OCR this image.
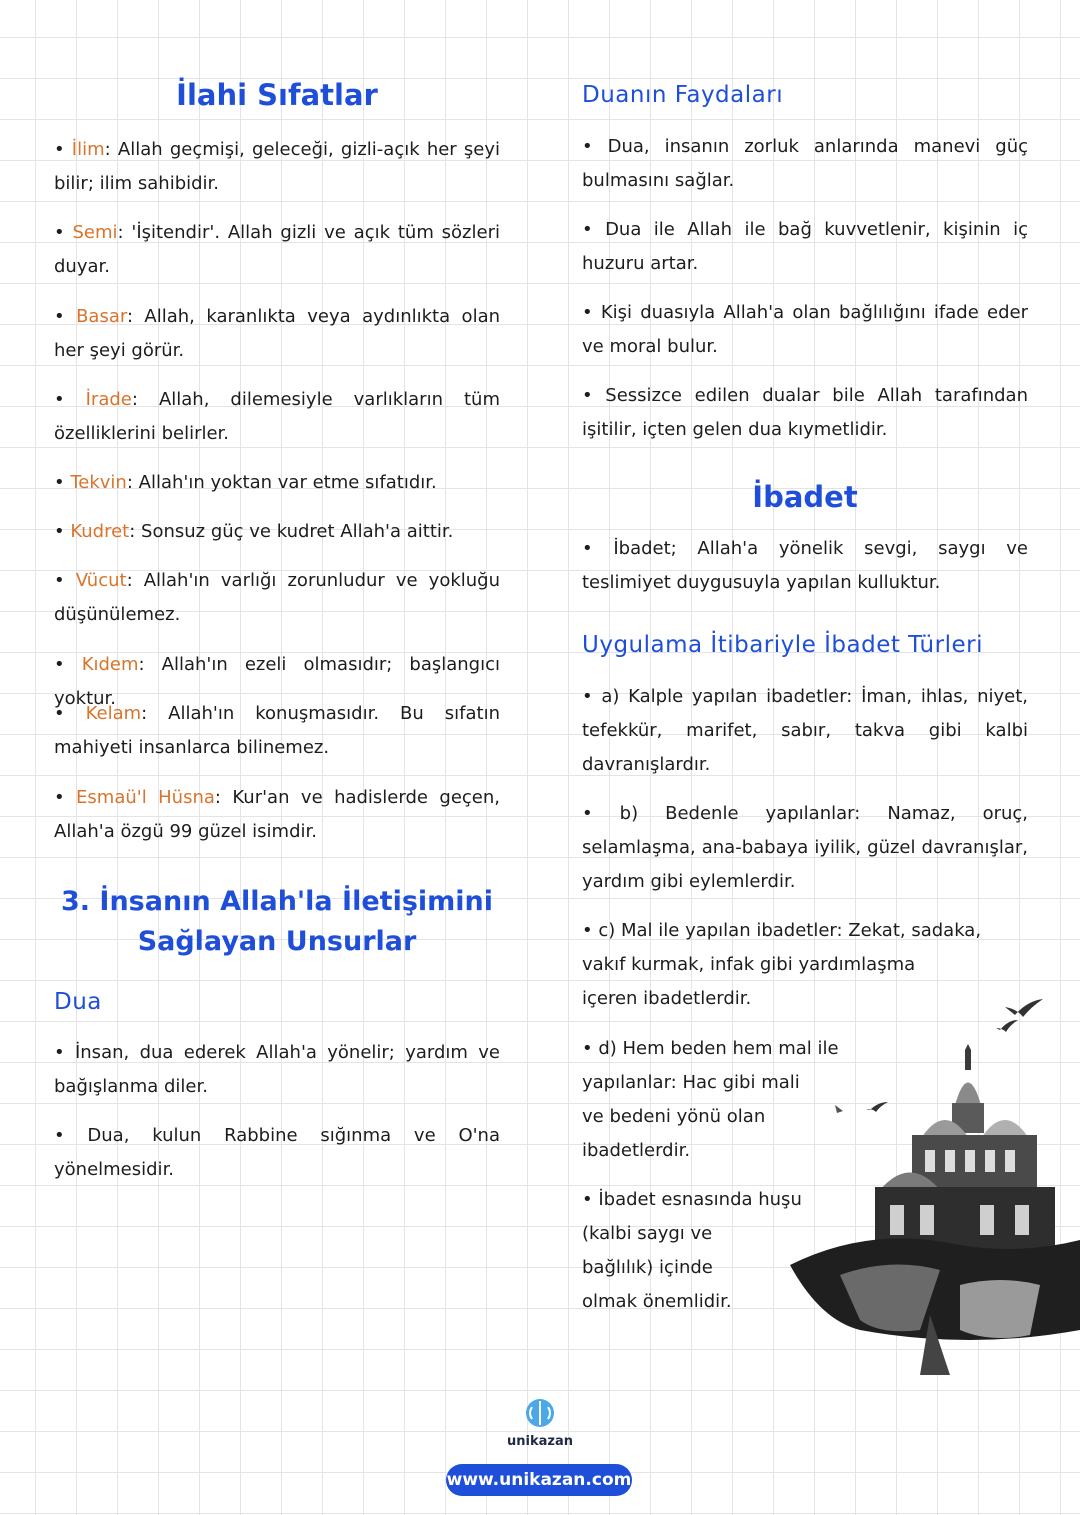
İlahi Sıfatlar

• İlim: Allah geçmişi, geleceği, gizli-açık her şeyi bilir; ilim sahibidir.

• Semi: 'İşitendir'. Allah gizli ve açık tüm sözleri duyar.

• Basar: Allah, karanlıkta veya aydınlıkta olan her şeyi görür.

• İrade: Allah, dilemesiyle varlıkların tüm özelliklerini belirler.

• Tekvin: Allah'ın yoktan var etme sıfatıdır.

• Kudret: Sonsuz güç ve kudret Allah'a aittir.

• Vücut: Allah'ın varlığı zorunludur ve yokluğu düşünülemez.

• Kıdem: Allah'ın ezeli olmasıdır; başlangıcı yoktur.

• Kelam: Allah'ın konuşmasıdır. Bu sıfatın mahiyeti insanlarca bilinemez.

• Esmaü'l Hüsna: Kur'an ve hadislerde geçen, Allah'a özgü 99 güzel isimdir.

3. İnsanın Allah'la İletişimini
Sağlayan Unsurlar
Dua

• İnsan, dua ederek Allah'a yönelir; yardım ve bağışlanma diler.

• Dua, kulun Rabbine sığınma ve O'na yönelmesidir.

Duanın Faydaları

• Dua, insanın zorluk anlarında manevi güç bulmasını sağlar.

• Dua ile Allah ile bağ kuvvetlenir, kişinin iç huzuru artar.

• Kişi duasıyla Allah'a olan bağlılığını ifade eder ve moral bulur.

• Sessizce edilen dualar bile Allah tarafından işitilir, içten gelen dua kıymetlidir.

İbadet

• İbadet; Allah'a yönelik sevgi, saygı ve teslimiyet duygusuyla yapılan kulluktur.

Uygulama İtibariyle İbadet Türleri

• a) Kalple yapılan ibadetler: İman, ihlas, niyet, tefekkür, marifet, sabır, takva gibi kalbi davranışlardır.

• b) Bedenle yapılanlar: Namaz, oruç, selamlaşma, ana-babaya iyilik, güzel davranışlar, yardım gibi eylemlerdir.

• c) Mal ile yapılan ibadetler: Zekat, sadaka,
vakıf kurmak, infak gibi yardımlaşma
içeren ibadetlerdir.

• d) Hem beden hem mal ile
yapılanlar: Hac gibi mali
ve bedeni yönü olan
ibadetlerdir.

• İbadet esnasında huşu
(kalbi saygı ve
bağlılık) içinde
olmak önemlidir.

unikazan
www.unikazan.com
